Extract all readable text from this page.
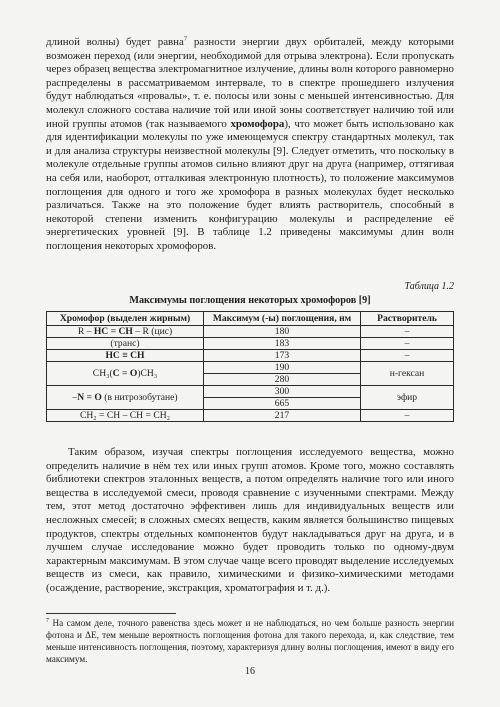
длиной волны) будет равна$^7$ разности энергии двух орбиталей, между которыми возможен переход (или энергии, необходимой для отрыва электрона). Если пропускать через образец вещества электромагнитное излучение, длины волн которого равномерно распределены в рассматриваемом интервале, то в спектре прошедшего излучения будут наблюдаться «провалы», т. е. полосы или зоны с меньшей интенсивностью. Для молекул сложного состава наличие той или иной зоны соответствует наличию той или иной группы атомов (так называемого хромофора), что может быть использовано как для идентификации молекулы по уже имеющемуся спектру стандартных молекул, так и для анализа структуры неизвестной молекулы [9]. Следует отметить, что поскольку в молекуле отдельные группы атомов сильно влияют друг на друга (например, оттягивая на себя или, наоборот, отталкивая электронную плотность), то положение максимумов поглощения для одного и того же хромофора в разных молекулах будет несколько различаться. Также на это положение будет влиять растворитель, способный в некоторой степени изменить конфигурацию молекулы и распределение её энергетических уровней [9]. В таблице 1.2 приведены максимумы длин волн поглощения некоторых хромофоров.

Таблица 1.2
Максимумы поглощения некоторых хромофоров [9]
Хромофор (выделен жирным)	Максимум (-ы) поглощения, нм	Растворитель
R – HC = CH – R (цис)	180	–
(транс)	183	–
HC ≡ CH	173	–
CH₃(C = O)CH₃	190	н-гексан
	280	
–N = O (в нитрозобутане)	300	эфир
	665	
CH₂ = CH – CH = CH₂	217	–

Таким образом, изучая спектры поглощения исследуемого вещества, можно определить наличие в нём тех или иных групп атомов. Кроме того, можно составлять библиотеки спектров эталонных веществ, а потом определять наличие того или иного вещества в исследуемой смеси, проводя сравнение с изученными спектрами. Между тем, этот метод достаточно эффективен лишь для индивидуальных веществ или несложных смесей; в сложных смесях веществ, каким является большинство пищевых продуктов, спектры отдельных компонентов будут накладываться друг на друга, и в лучшем случае исследование можно будет проводить только по одному-двум характерным максимумам. В этом случае чаще всего проводят выделение исследуемых веществ из смеси, как правило, химическими и физико-химическими методами (осаждение, растворение, экстракция, хроматография и т. д.).

$^7$ На самом деле, точного равенства здесь может и не наблюдаться, но чем больше разность энергии фотона и ΔE, тем меньше вероятность поглощения фотона для такого перехода, и, как следствие, тем меньше интенсивность поглощения, поэтому, характеризуя длину волны поглощения, имеют в виду его максимум.

16
